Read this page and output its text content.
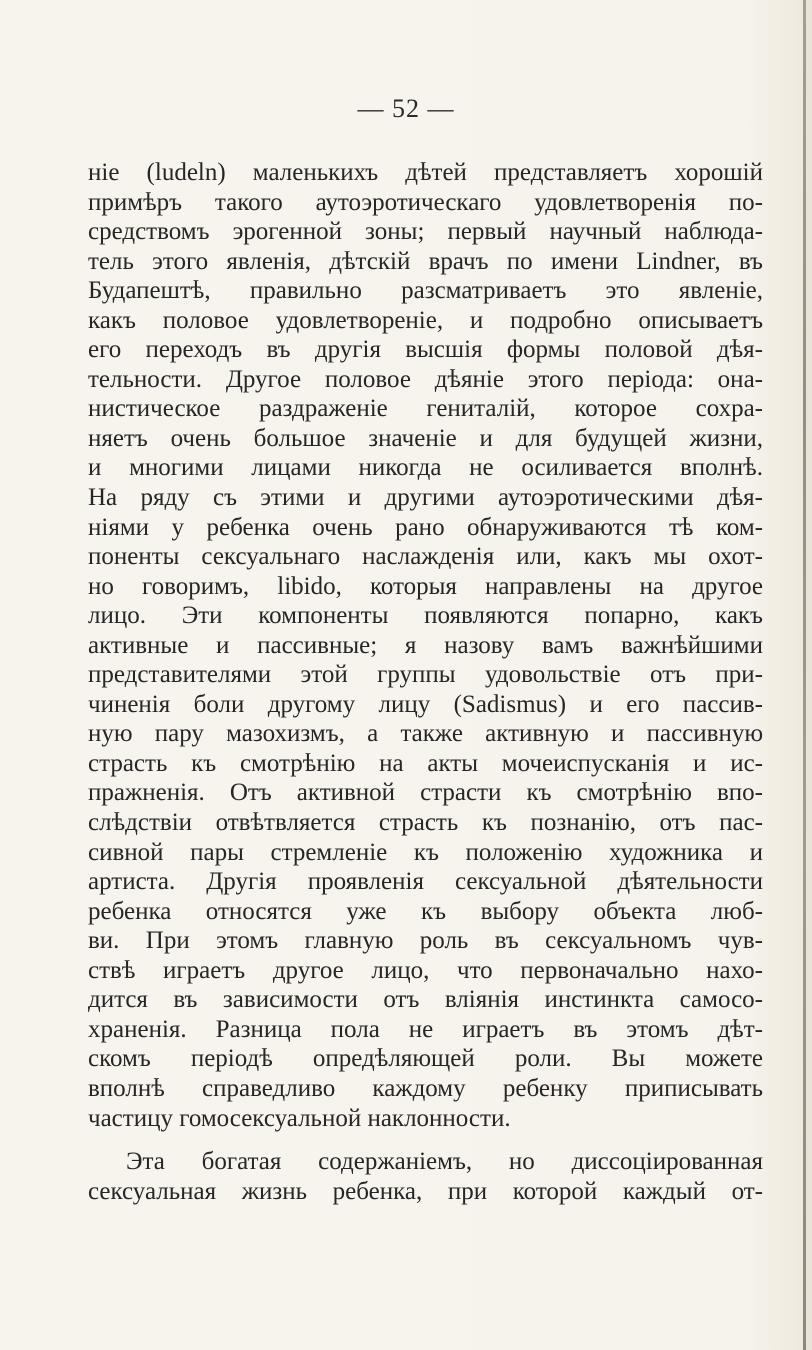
— 52 —
ніе (ludeln) маленькихъ дѣтей представляетъ хорошій
примѣръ такого аутоэротическаго удовлетворенія по-
средствомъ эрогенной зоны; первый научный наблюда-
тель этого явленія, дѣтскій врачъ по имени Lindner, въ
Будапештѣ, правильно разсматриваетъ это явленіе,
какъ половое удовлетвореніе, и подробно описываетъ
его переходъ въ другія высшія формы половой дѣя-
тельности. Другое половое дѣяніе этого періода: она-
нистическое раздраженіе гениталій, которое сохра-
няетъ очень большое значеніе и для будущей жизни,
и многими лицами никогда не осиливается вполнѣ.
На ряду съ этими и другими аутоэротическими дѣя-
ніями у ребенка очень рано обнаруживаются тѣ ком-
поненты сексуальнаго наслажденія или, какъ мы охот-
но говоримъ, libido, которыя направлены на другое
лицо. Эти компоненты появляются попарно, какъ
активные и пассивные; я назову вамъ важнѣйшими
представителями этой группы удовольствіе отъ при-
чиненія боли другому лицу (Sadismus) и его пассив-
ную пару мазохизмъ, а также активную и пассивную
страсть къ смотрѣнію на акты мочеиспусканія и ис-
пражненія. Отъ активной страсти къ смотрѣнію впо-
слѣдствіи отвѣтвляется страсть къ познанію, отъ пас-
сивной пары стремленіе къ положенію художника и
артиста. Другія проявленія сексуальной дѣятельности
ребенка относятся уже къ выбору объекта люб-
ви. При этомъ главную роль въ сексуальномъ чув-
ствѣ играетъ другое лицо, что первоначально нахо-
дится въ зависимости отъ вліянія инстинкта самосо-
храненія. Разница пола не играетъ въ этомъ дѣт-
скомъ періодѣ опредѣляющей роли. Вы можете
вполнѣ справедливо каждому ребенку приписывать
частицу гомосексуальной наклонности.
Эта богатая содержаніемъ, но диссоціированная
сексуальная жизнь ребенка, при которой каждый от-
